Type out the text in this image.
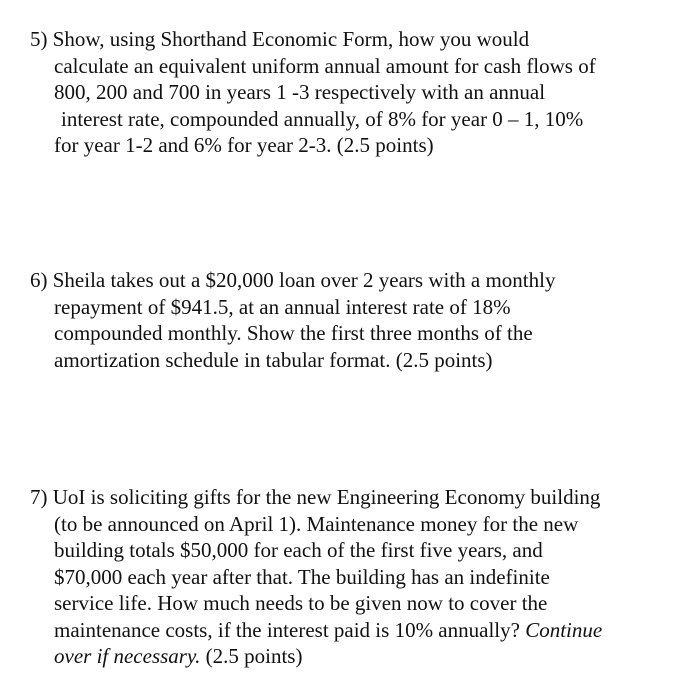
5) Show, using Shorthand Economic Form, how you would
calculate an equivalent uniform annual amount for cash flows of
800, 200 and 700 in years 1 -3 respectively with an annual
interest rate, compounded annually, of 8% for year 0 – 1, 10%
for year 1-2 and 6% for year 2-3. (2.5 points)
6) Sheila takes out a $20,000 loan over 2 years with a monthly
repayment of $941.5, at an annual interest rate of 18%
compounded monthly. Show the first three months of the
amortization schedule in tabular format. (2.5 points)
7) UoI is soliciting gifts for the new Engineering Economy building
(to be announced on April 1). Maintenance money for the new
building totals $50,000 for each of the first five years, and
$70,000 each year after that. The building has an indefinite
service life. How much needs to be given now to cover the
maintenance costs, if the interest paid is 10% annually? Continue
over if necessary. (2.5 points)
